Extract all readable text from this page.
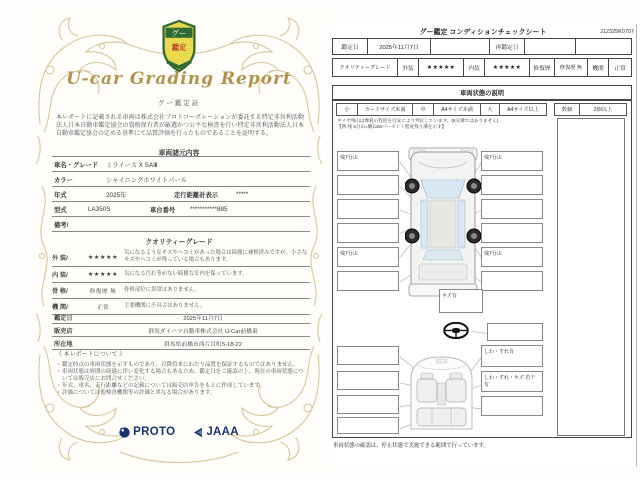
グー
鑑定
U-car Grading Report
グー鑑定証

本レポートに記載される車両は株式会社プロトコーポレーションが委託する特定非営利活動法人日本自動車鑑定協会の資格保有者が厳選かつ公平な検査を行い特定非営利活動法人日本自動車鑑定協会の定める基準にて品質評価を行ったものであることを証明する。

車両諸元内容
車名・グレード	ミライース X SAⅢ
カラー	シャイニングホワイトパール
年式	2025年	走行距離計表示	*****
型式	LA350S	車台番号	***********885
備考/
クオリティーグレード
外 装/	★★★★★
気になるようなキズやヘコミがあった場合は綺麗に補修済みですが、小さなキズやヘコミが残っている場合もあります。
内 装/	★★★★★	気になる汚れ等がない綺麗な室内を保っています。
骨 格/	修復歴 無	骨格部位に異常はありません。
機 関/	正常	主要機関に不具合はありません。
鑑定日	2025年11月7日
販売店	群馬ダイハツ自動車株式会社 U-Car前橋東
所在地	群馬県前橋市西片貝町5-18-22
《 本レポートについて 》
・ 鑑定時点の車両状態を示すものであり、以降将来にわたり品質を保証するものではありません。
・ 車両状態は時間の経過に伴い変化する場合もあるため、鑑定日をご確認の上、現在の車両状態については販売店にお問合せください。
・ 年式、車名、走行距離などの記載については販売店申告をもとに作成しています。
・ 評価については他検査機関等の評価と異なる場合があります。
PROTO	JAAA
グー鑑定 コンディションチェックシート	J12325K0707
鑑定日	2025年11月7日	再鑑定日
クオリティーグレード	外装	★★★★★	内装	★★★★★	修復歴	修復歴 無	機関	正常
車両状態の説明
小	カードサイズ未満	中	A4サイズ未満	大	A4サイズ以上	数個	2個以上
タイヤ残山は摩耗の程度を目安により判定しています。(5分溝ではありません)
【例:残 5分山=概ね50パーセント程度残り溝を示す】
残7分山
残7分山
残7分山
残7分山
キズ有
しわ・すれ有
しわ・すれ・キズ 若干有
車両状態の確認は、停止状態で実施できる範囲で行っています。
